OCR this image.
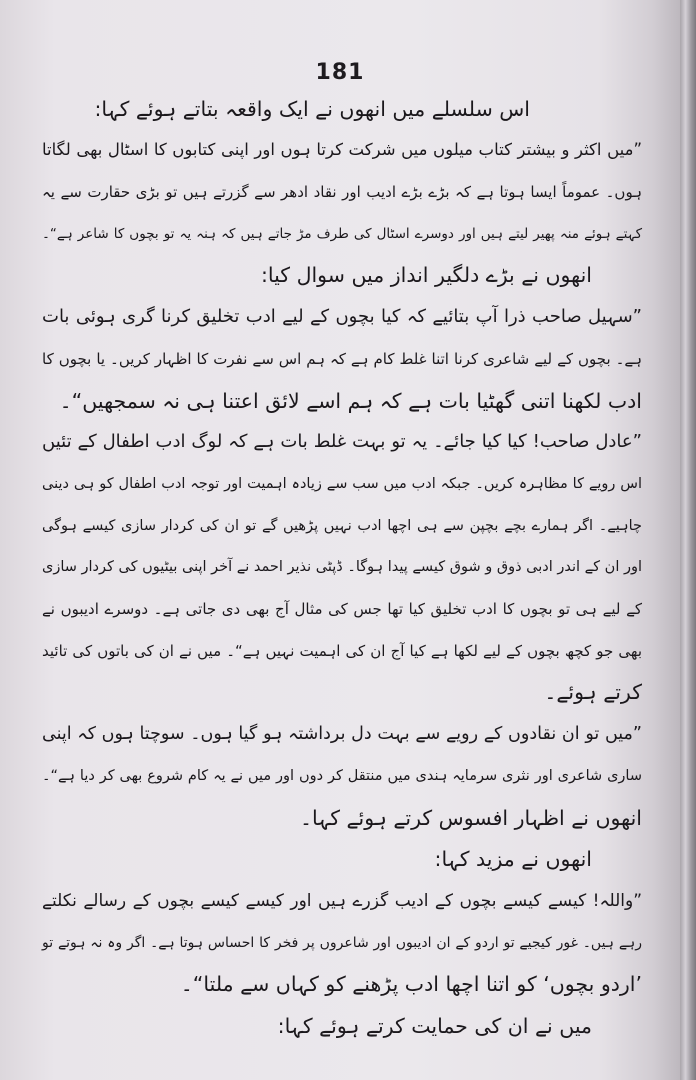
181
اس سلسلے میں انھوں نے ایک واقعہ بتاتے ہوئے کہا:
”میں اکثر و بیشتر کتاب میلوں میں شرکت کرتا ہوں اور اپنی کتابوں کا اسٹال بھی لگاتا
ہوں۔ عموماً ایسا ہوتا ہے کہ بڑے بڑے ادیب اور نقاد ادھر سے گزرتے ہیں تو بڑی حقارت سے یہ
کہتے ہوئے منہ پھیر لیتے ہیں اور دوسرے اسٹال کی طرف مڑ جاتے ہیں کہ ہنہ یہ تو بچوں کا شاعر ہے“۔
انھوں نے بڑے دلگیر انداز میں سوال کیا:
”سہیل صاحب ذرا آپ بتائیے کہ کیا بچوں کے لیے ادب تخلیق کرنا گری ہوئی بات
ہے۔ بچوں کے لیے شاعری کرنا اتنا غلط کام ہے کہ ہم اس سے نفرت کا اظہار کریں۔ یا بچوں کا
ادب لکھنا اتنی گھٹیا بات ہے کہ ہم اسے لائق اعتنا ہی نہ سمجھیں“۔
”عادل صاحب! کیا کیا جائے۔ یہ تو بہت غلط بات ہے کہ لوگ ادب اطفال کے تئیں
اس رویے کا مظاہرہ کریں۔ جبکہ ادب میں سب سے زیادہ اہمیت اور توجہ ادب اطفال کو ہی دینی
چاہیے۔ اگر ہمارے بچے بچپن سے ہی اچھا ادب نہیں پڑھیں گے تو ان کی کردار سازی کیسے ہوگی
اور ان کے اندر ادبی ذوق و شوق کیسے پیدا ہوگا۔ ڈپٹی نذیر احمد نے آخر اپنی بیٹیوں کی کردار سازی
کے لیے ہی تو بچوں کا ادب تخلیق کیا تھا جس کی مثال آج بھی دی جاتی ہے۔ دوسرے ادیبوں نے
بھی جو کچھ بچوں کے لیے لکھا ہے کیا آج ان کی اہمیت نہیں ہے“۔ میں نے ان کی باتوں کی تائید
کرتے ہوئے۔
”میں تو ان نقادوں کے رویے سے بہت دل برداشتہ ہو گیا ہوں۔ سوچتا ہوں کہ اپنی
ساری شاعری اور نثری سرمایہ ہندی میں منتقل کر دوں اور میں نے یہ کام شروع بھی کر دیا ہے“۔
انھوں نے اظہار افسوس کرتے ہوئے کہا۔
انھوں نے مزید کہا:
”واللہ! کیسے کیسے بچوں کے ادیب گزرے ہیں اور کیسے کیسے بچوں کے رسالے نکلتے
رہے ہیں۔ غور کیجیے تو اردو کے ان ادیبوں اور شاعروں پر فخر کا احساس ہوتا ہے۔ اگر وہ نہ ہوتے تو
’اردو بچوں‘ کو اتنا اچھا ادب پڑھنے کو کہاں سے ملتا“۔
میں نے ان کی حمایت کرتے ہوئے کہا:
